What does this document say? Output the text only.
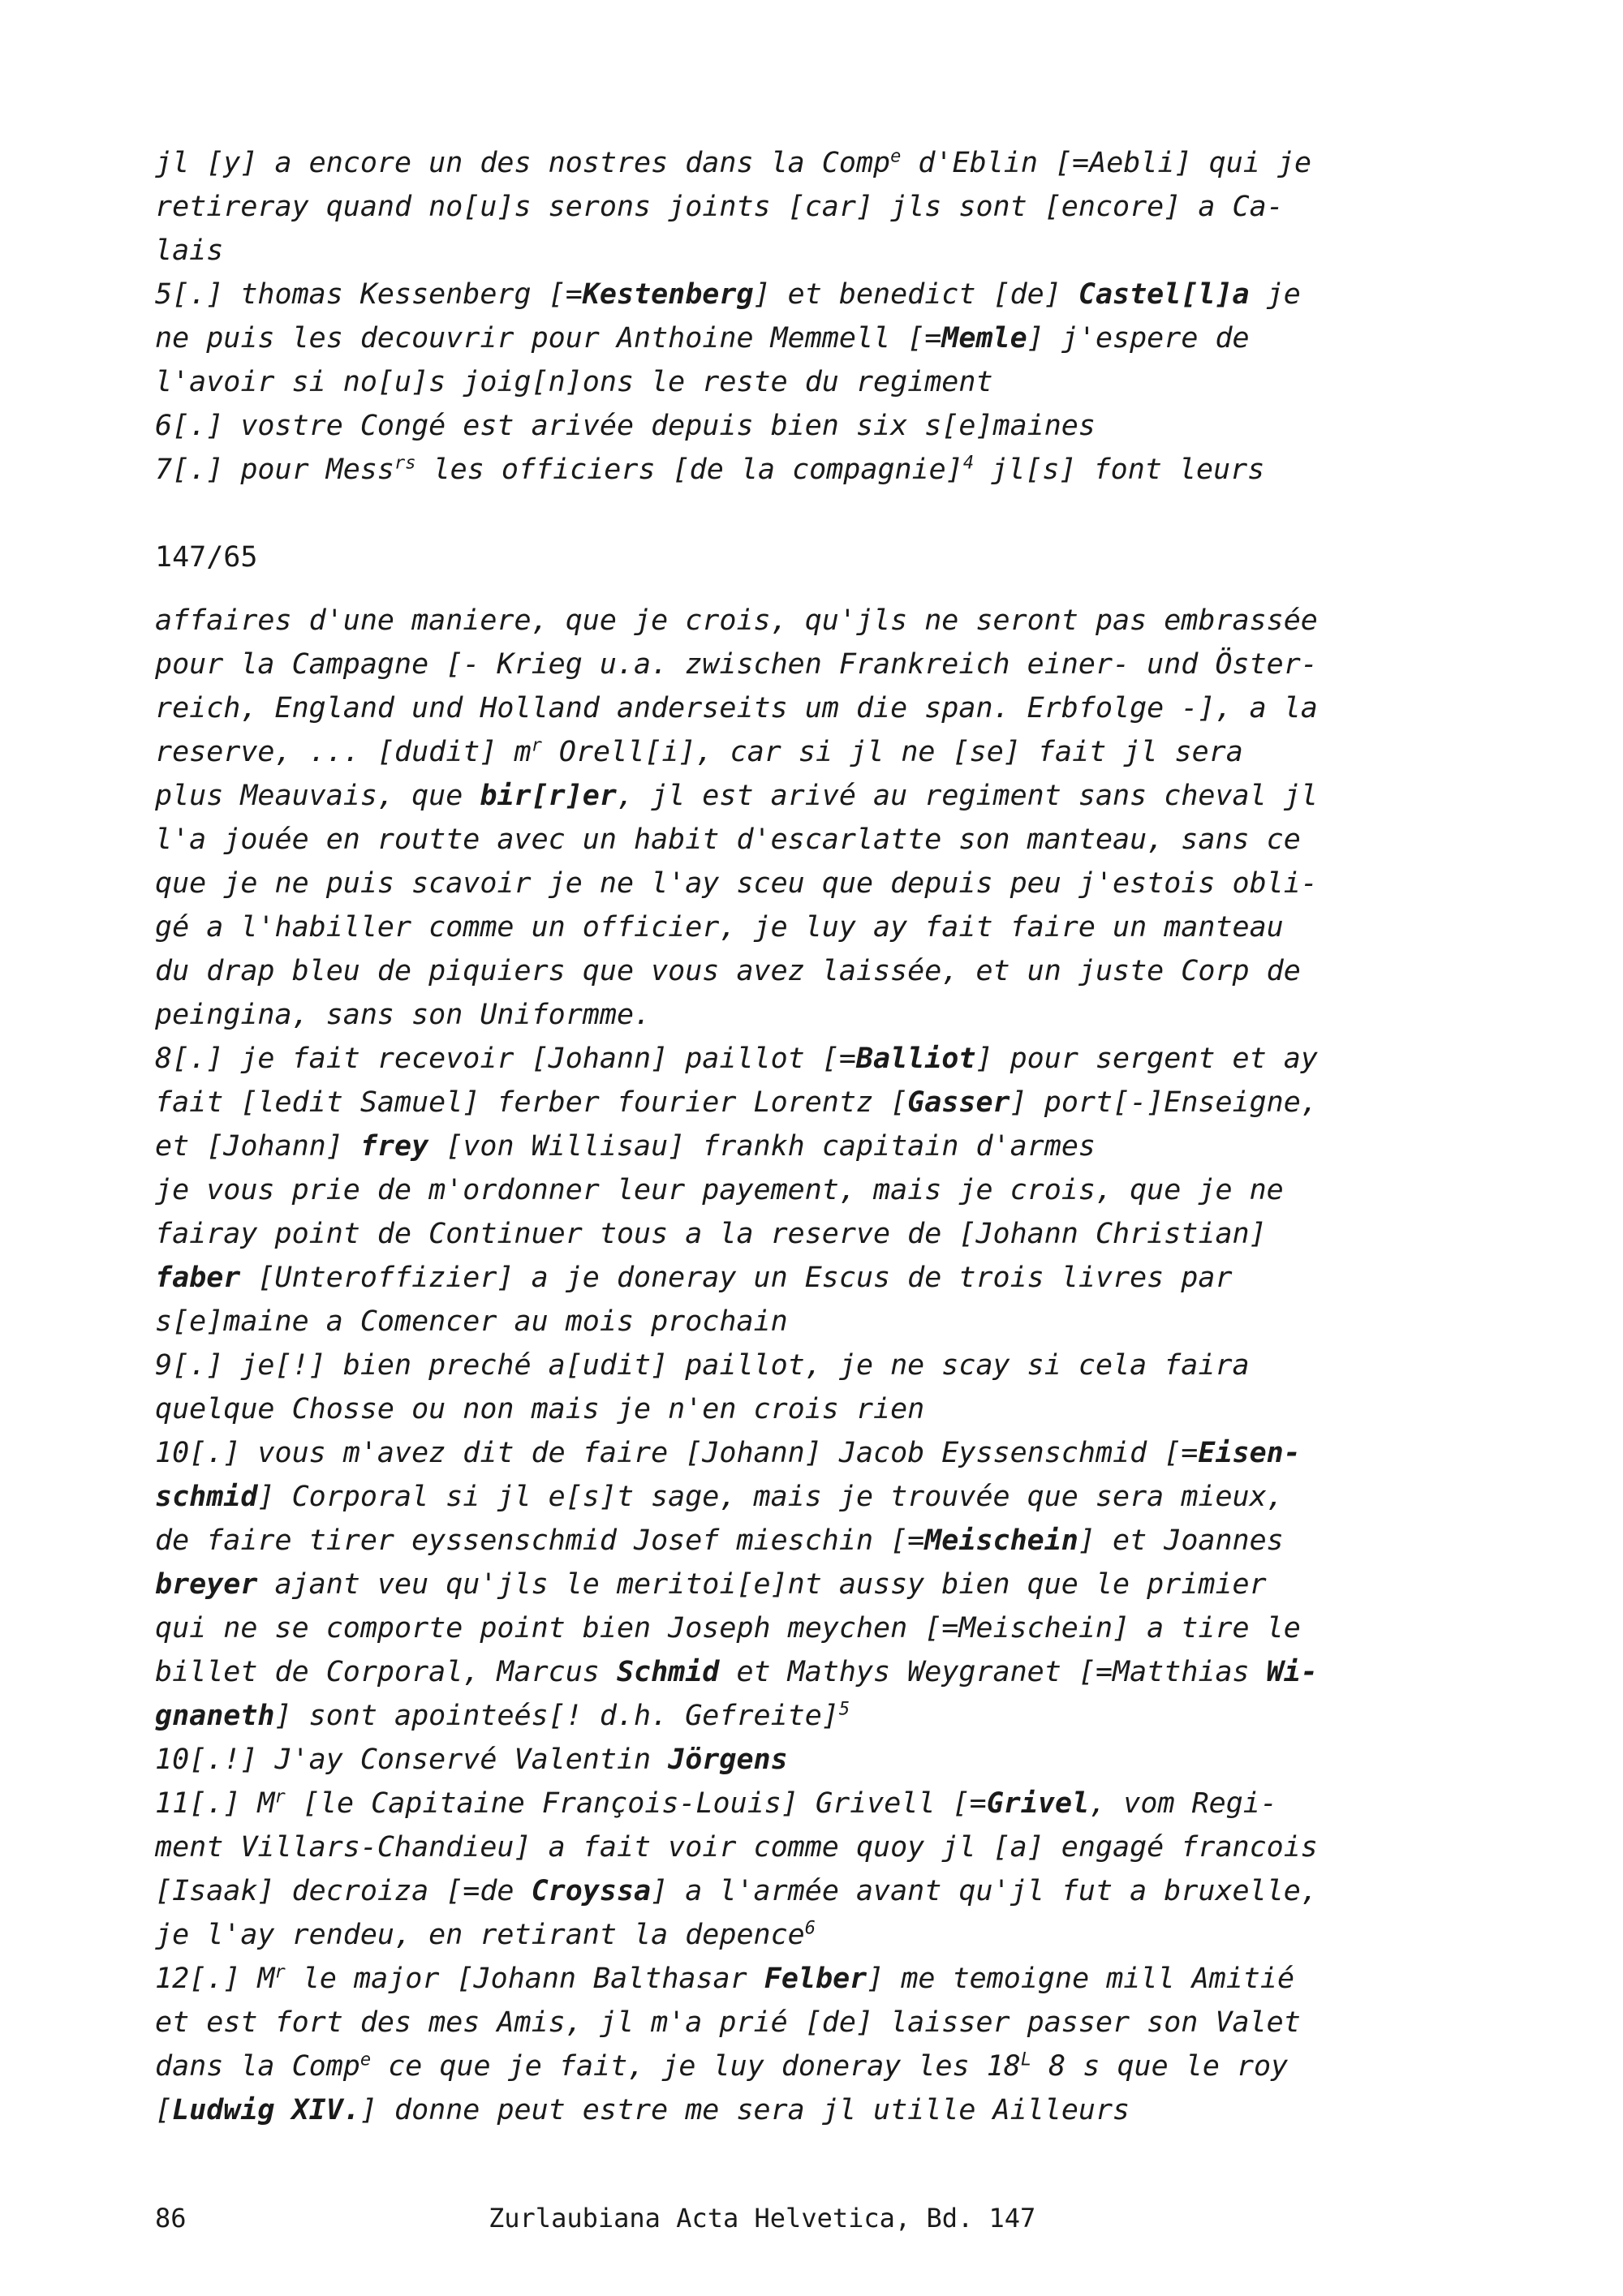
jl [y] a encore un des nostres dans la Comp$^e$ d'Eblin [=Aebli] qui je
retireray quand no[u]s serons joints [car] jls sont [encore] a Ca-
lais
5[.] thomas Kessenberg [=Kestenberg] et benedict [de] Castel[l]a je
ne puis les decouvrir pour Anthoine Memmell [=Memle] j'espere de
l'avoir si no[u]s joig[n]ons le reste du regiment
6[.] vostre Congé est arivée depuis bien six s[e]maines
7[.] pour Mess$^{rs}$ les officiers [de la compagnie]$^4$ jl[s] font leurs
147/65
affaires d'une maniere, que je crois, qu'jls ne seront pas embrassée
pour la Campagne [- Krieg u.a. zwischen Frankreich einer- und Öster-
reich, England und Holland anderseits um die span. Erbfolge -], a la
reserve, ... [dudit] $m^r$ Orell[i], car si jl ne [se] fait jl sera
plus Meauvais, que bir[r]er, jl est arivé au regiment sans cheval jl
l'a jouée en routte avec un habit d'escarlatte son manteau, sans ce
que je ne puis scavoir je ne l'ay sceu que depuis peu j'estois obli-
gé a l'habiller comme un officier, je luy ay fait faire un manteau
du drap bleu de piquiers que vous avez laissée, et un juste Corp de
peingina, sans son Uniformme.
8[.] je fait recevoir [Johann] paillot [=Balliot] pour sergent et ay
fait [ledit Samuel] ferber fourier Lorentz [Gasser] port[-]Enseigne,
et [Johann] frey [von Willisau] frankh capitain d'armes
je vous prie de m'ordonner leur payement, mais je crois, que je ne
fairay point de Continuer tous a la reserve de [Johann Christian]
faber [Unteroffizier] a je doneray un Escus de trois livres par
s[e]maine a Comencer au mois prochain
9[.] je[!] bien preché a[udit] paillot, je ne scay si cela faira
quelque Chosse ou non mais je n'en crois rien
10[.] vous m'avez dit de faire [Johann] Jacob Eyssenschmid [=Eisen-
schmid] Corporal si jl e[s]t sage, mais je trouvée que sera mieux,
de faire tirer eyssenschmid Josef mieschin [=Meischein] et Joannes
breyer ajant veu qu'jls le meritoi[e]nt aussy bien que le primier
qui ne se comporte point bien Joseph meychen [=Meischein] a tire le
billet de Corporal, Marcus Schmid et Mathys Weygranet [=Matthias Wi-
gnaneth] sont apointeés[! d.h. Gefreite]$^5$
10[.!] J'ay Conservé Valentin Jörgens
11[.] $M^r$ [le Capitaine François-Louis] Grivell [=Grivel, vom Regi-
ment Villars-Chandieu] a fait voir comme quoy jl [a] engagé francois
[Isaak] decroiza [=de Croyssa] a l'armée avant qu'jl fut a bruxelle,
je l'ay rendeu, en retirant la depence$^6$
12[.] $M^r$ le major [Johann Balthasar Felber] me temoigne mill Amitié
et est fort des mes Amis, jl m'a prié [de] laisser passer son Valet
dans la Comp$^e$ ce que je fait, je luy doneray les $18^L$ 8 s que le roy
[Ludwig XIV.] donne peut estre me sera jl utille Ailleurs
86	Zurlaubiana Acta Helvetica, Bd. 147
